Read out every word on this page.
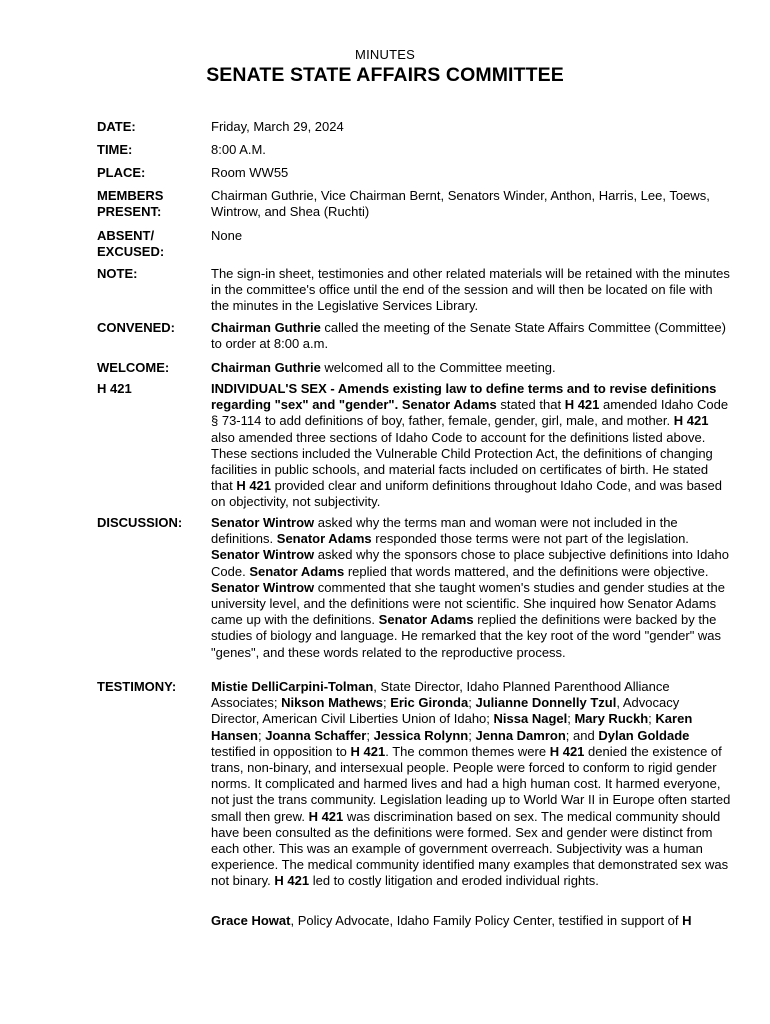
MINUTES
SENATE STATE AFFAIRS COMMITTEE
DATE:	Friday, March 29, 2024
TIME:	8:00 A.M.
PLACE:	Room WW55
MEMBERS
PRESENT:
Chairman Guthrie, Vice Chairman Bernt, Senators Winder, Anthon, Harris, Lee, Toews, Wintrow, and Shea (Ruchti)
ABSENT/
EXCUSED:
None
NOTE:	The sign-in sheet, testimonies and other related materials will be retained with the minutes in the committee's office until the end of the session and will then be located on file with the minutes in the Legislative Services Library.
CONVENED:	Chairman Guthrie called the meeting of the Senate State Affairs Committee (Committee) to order at 8:00 a.m.
WELCOME:	Chairman Guthrie welcomed all to the Committee meeting.
H 421	INDIVIDUAL'S SEX - Amends existing law to define terms and to revise definitions regarding "sex" and "gender". Senator Adams stated that H 421 amended Idaho Code § 73-114 to add definitions of boy, father, female, gender, girl, male, and mother. H 421 also amended three sections of Idaho Code to account for the definitions listed above. These sections included the Vulnerable Child Protection Act, the definitions of changing facilities in public schools, and material facts included on certificates of birth. He stated that H 421 provided clear and uniform definitions throughout Idaho Code, and was based on objectivity, not subjectivity.
DISCUSSION:	Senator Wintrow asked why the terms man and woman were not included in the definitions. Senator Adams responded those terms were not part of the legislation. Senator Wintrow asked why the sponsors chose to place subjective definitions into Idaho Code. Senator Adams replied that words mattered, and the definitions were objective. Senator Wintrow commented that she taught women's studies and gender studies at the university level, and the definitions were not scientific. She inquired how Senator Adams came up with the definitions. Senator Adams replied the definitions were backed by the studies of biology and language. He remarked that the key root of the word "gender" was "genes", and these words related to the reproductive process.
TESTIMONY:	Mistie DelliCarpini-Tolman, State Director, Idaho Planned Parenthood Alliance Associates; Nikson Mathews; Eric Gironda; Julianne Donnelly Tzul, Advocacy Director, American Civil Liberties Union of Idaho; Nissa Nagel; Mary Ruckh; Karen Hansen; Joanna Schaffer; Jessica Rolynn; Jenna Damron; and Dylan Goldade testified in opposition to H 421. The common themes were H 421 denied the existence of trans, non-binary, and intersexual people. People were forced to conform to rigid gender norms. It complicated and harmed lives and had a high human cost. It harmed everyone, not just the trans community. Legislation leading up to World War II in Europe often started small then grew. H 421 was discrimination based on sex. The medical community should have been consulted as the definitions were formed. Sex and gender were distinct from each other. This was an example of government overreach. Subjectivity was a human experience. The medical community identified many examples that demonstrated sex was not binary. H 421 led to costly litigation and eroded individual rights.
Grace Howat, Policy Advocate, Idaho Family Policy Center, testified in support of H
